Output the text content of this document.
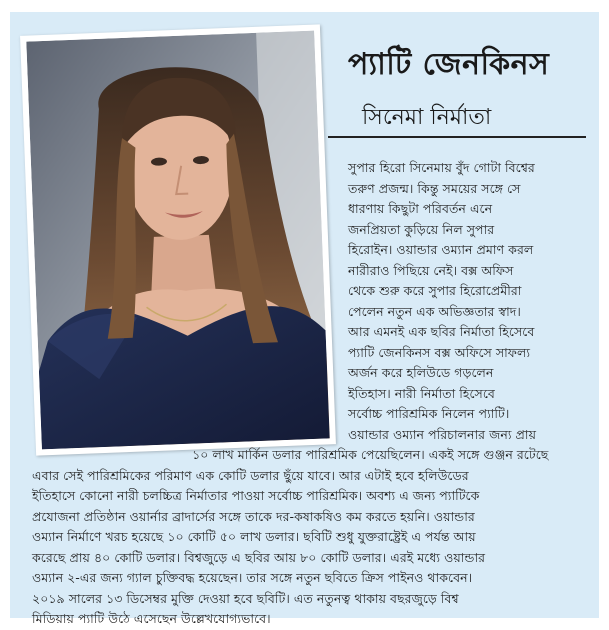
প্যাটি জেনকিনস
সিনেমা নির্মাতা
সুপার হিরো সিনেমায় বুঁদ গোটা বিশ্বের
তরুণ প্রজন্ম। কিন্তু সময়ের সঙ্গে সে
ধারণায় কিছুটা পরিবর্তন এনে
জনপ্রিয়তা কুড়িয়ে নিল সুপার
হিরোইন। ওয়ান্ডার ওম্যান প্রমাণ করল
নারীরাও পিছিয়ে নেই। বক্স অফিস
থেকে শুরু করে সুপার হিরোপ্রেমীরা
পেলেন নতুন এক অভিজ্ঞতার স্বাদ।
আর এমনই এক ছবির নির্মাতা হিসেবে
প্যাটি জেনকিনস বক্স অফিসে সাফল্য
অর্জন করে হলিউডে গড়লেন
ইতিহাস। নারী নির্মাতা হিসেবে
সর্বোচ্চ পারিশ্রমিক নিলেন প্যাটি।
ওয়ান্ডার ওম্যান পরিচালনার জন্য প্রায়
১০ লাখ মার্কিন ডলার পারিশ্রমিক পেয়েছিলেন। একই সঙ্গে গুঞ্জন রটেছে
এবার সেই পারিশ্রমিকের পরিমাণ এক কোটি ডলার ছুঁয়ে যাবে। আর এটাই হবে হলিউডের
ইতিহাসে কোনো নারী চলচ্চিত্র নির্মাতার পাওয়া সর্বোচ্চ পারিশ্রমিক। অবশ্য এ জন্য প্যাটিকে
প্রযোজনা প্রতিষ্ঠান ওয়ার্নার ব্রাদার্সের সঙ্গে তাকে দর-কষাকষিও কম করতে হয়নি। ওয়ান্ডার
ওম্যান নির্মাণে খরচ হয়েছে ১০ কোটি ৫০ লাখ ডলার। ছবিটি শুধু যুক্তরাষ্ট্রেই এ পর্যন্ত আয়
করেছে প্রায় ৪০ কোটি ডলার। বিশ্বজুড়ে এ ছবির আয় ৮০ কোটি ডলার। এরই মধ্যে ওয়ান্ডার
ওম্যান ২-এর জন্য গ্যাল চুক্তিবদ্ধ হয়েছেন। তার সঙ্গে নতুন ছবিতে ক্রিস পাইনও থাকবেন।
২০১৯ সালের ১৩ ডিসেম্বর মুক্তি দেওয়া হবে ছবিটি। এত নতুনত্ব থাকায় বছরজুড়ে বিশ্ব
মিডিয়ায় প্যাটি উঠে এসেছেন উল্লেখযোগ্যভাবে।
